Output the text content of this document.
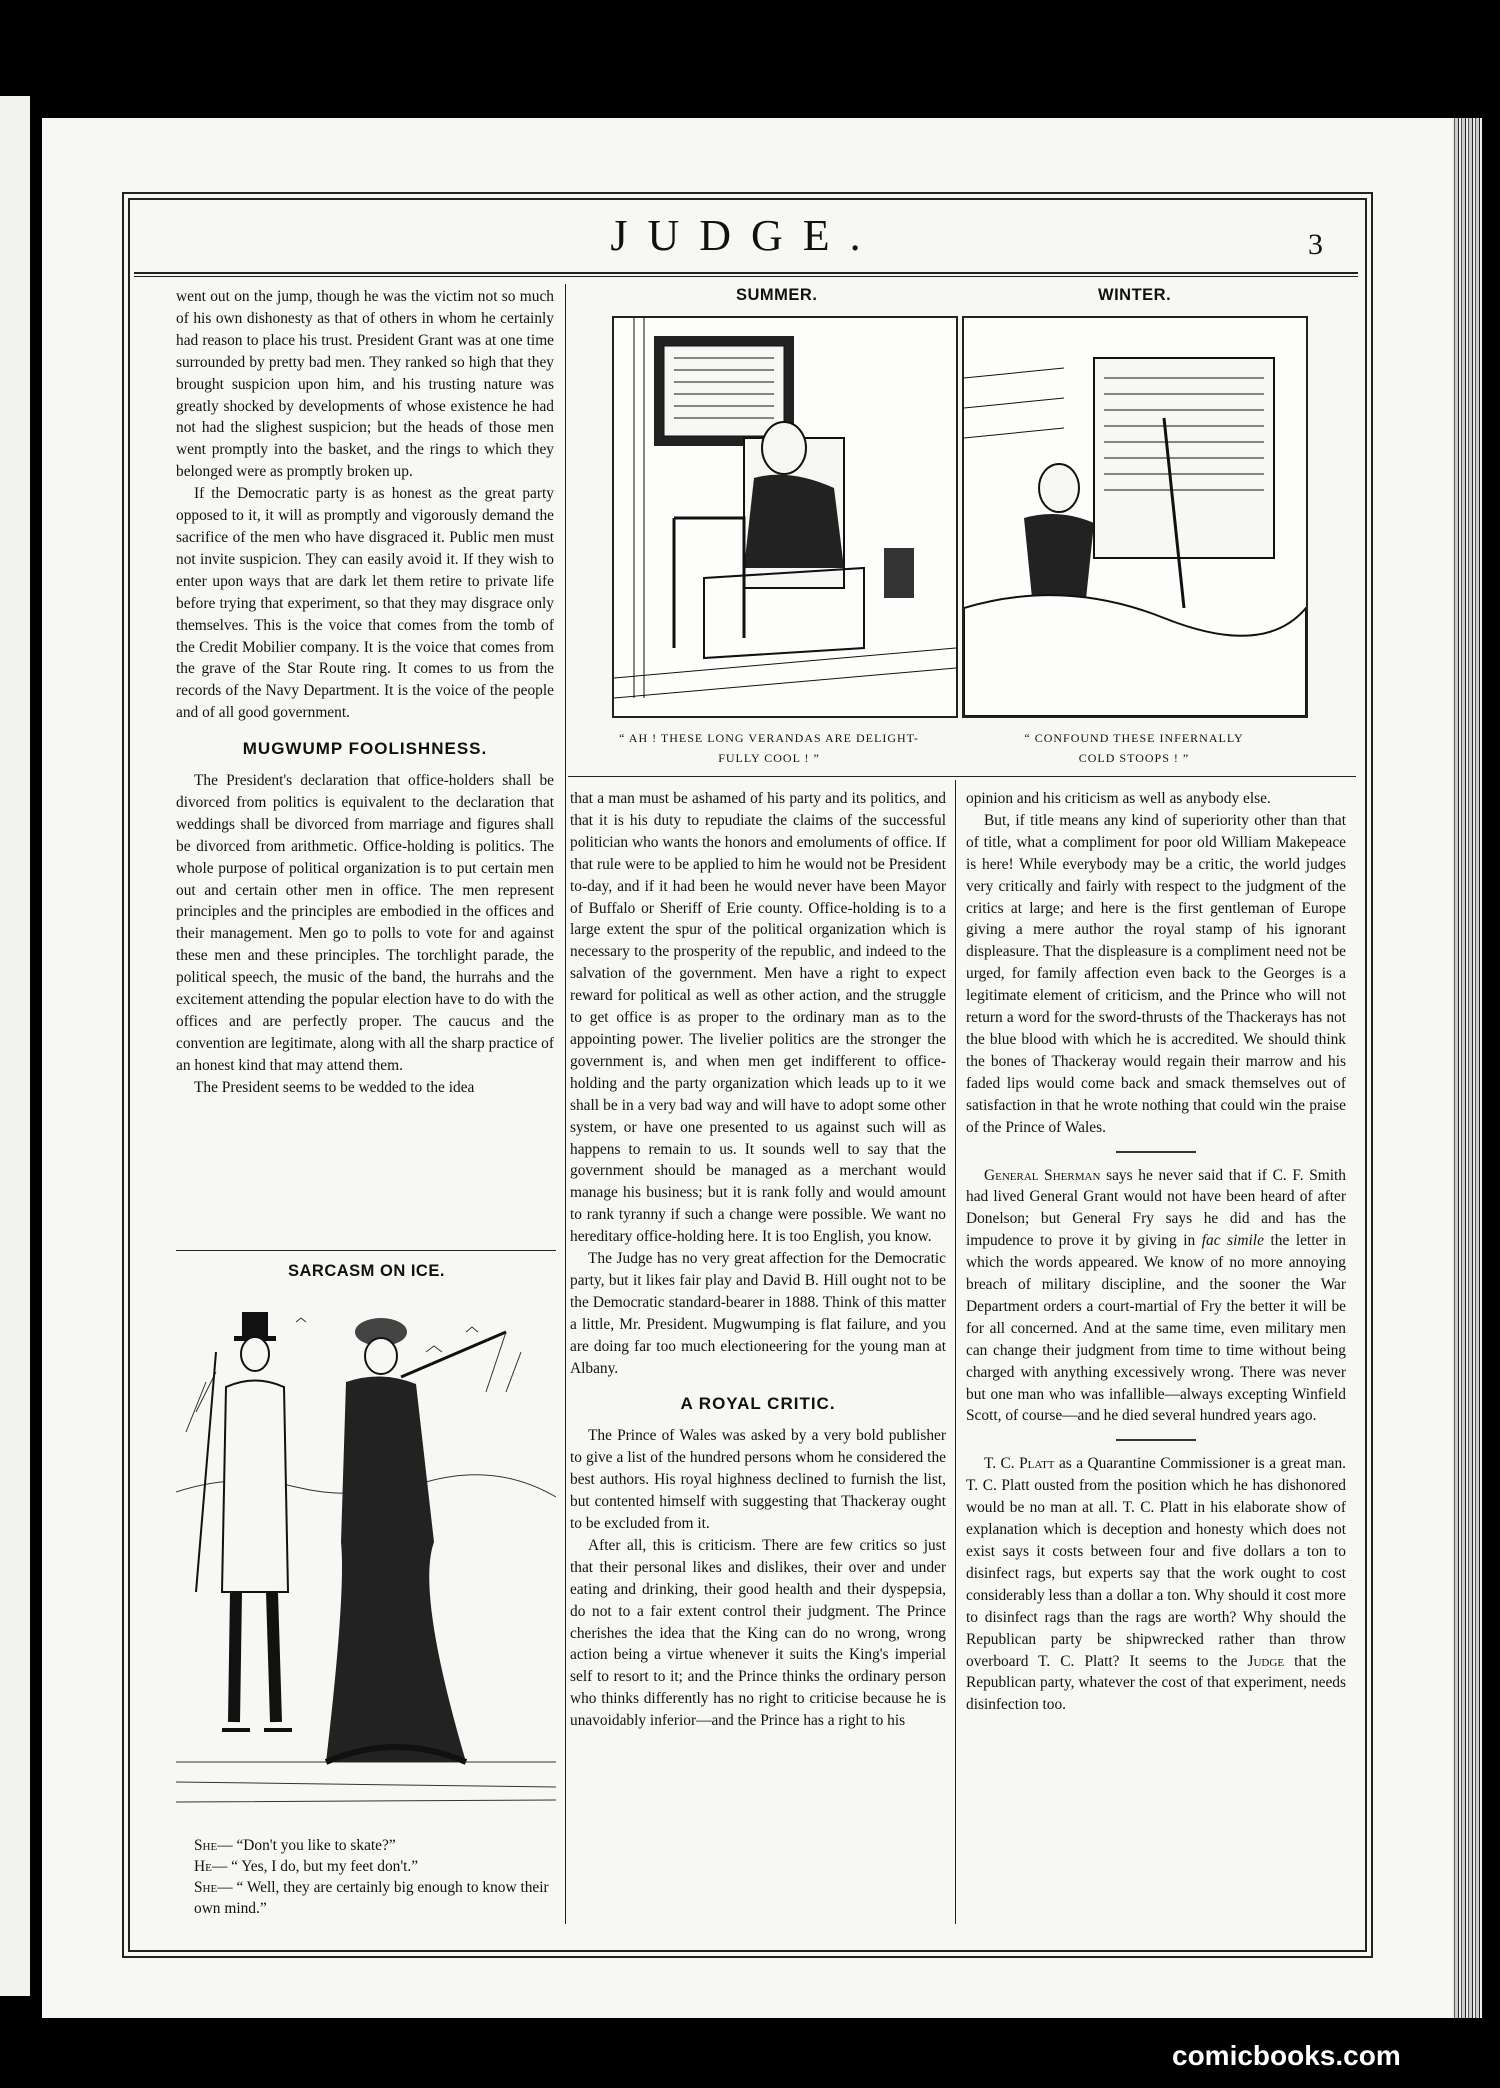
JUDGE.	3

went out on the jump, though he was the victim not so much of his own dishonesty as that of others in whom he certainly had reason to place his trust. President Grant was at one time surrounded by pretty bad men. They ranked so high that they brought suspicion upon him, and his trusting nature was greatly shocked by developments of whose existence he had not had the slighest suspicion; but the heads of those men went promptly into the basket, and the rings to which they belonged were as promptly broken up.

If the Democratic party is as honest as the great party opposed to it, it will as promptly and vigorously demand the sacrifice of the men who have disgraced it. Public men must not invite suspicion. They can easily avoid it. If they wish to enter upon ways that are dark let them retire to private life before trying that experiment, so that they may disgrace only themselves. This is the voice that comes from the tomb of the Credit Mobilier company. It is the voice that comes from the grave of the Star Route ring. It comes to us from the records of the Navy Department. It is the voice of the people and of all good government.

MUGWUMP FOOLISHNESS.

The President's declaration that office-holders shall be divorced from politics is equivalent to the declaration that weddings shall be divorced from marriage and figures shall be divorced from arithmetic. Office-holding is politics. The whole purpose of political organization is to put certain men out and certain other men in office. The men represent principles and the principles are embodied in the offices and their management. Men go to polls to vote for and against these men and these principles. The torchlight parade, the political speech, the music of the band, the hurrahs and the excitement attending the popular election have to do with the offices and are perfectly proper. The caucus and the convention are legitimate, along with all the sharp practice of an honest kind that may attend them.

The President seems to be wedded to the idea

SARCASM ON ICE.
She— “Don't you like to skate?”
He— “ Yes, I do, but my feet don't.”
She— “ Well, they are certainly big enough to know their own mind.”
SUMMER.	WINTER.
“ AH ! THESE LONG VERANDAS ARE DELIGHT-
FULLY COOL ! ”
“ CONFOUND THESE INFERNALLY
COLD STOOPS ! ”

that a man must be ashamed of his party and its politics, and that it is his duty to repudiate the claims of the successful politician who wants the honors and emoluments of office. If that rule were to be applied to him he would not be President to-day, and if it had been he would never have been Mayor of Buffalo or Sheriff of Erie county. Office-holding is to a large extent the spur of the political organization which is necessary to the prosperity of the republic, and indeed to the salvation of the government. Men have a right to expect reward for political as well as other action, and the struggle to get office is as proper to the ordinary man as to the appointing power. The livelier politics are the stronger the government is, and when men get indifferent to office-holding and the party organization which leads up to it we shall be in a very bad way and will have to adopt some other system, or have one presented to us against such will as happens to remain to us. It sounds well to say that the government should be managed as a merchant would manage his business; but it is rank folly and would amount to rank tyranny if such a change were possible. We want no hereditary office-holding here. It is too English, you know.

The Judge has no very great affection for the Democratic party, but it likes fair play and David B. Hill ought not to be the Democratic standard-bearer in 1888. Think of this matter a little, Mr. President. Mugwumping is flat failure, and you are doing far too much electioneering for the young man at Albany.

A ROYAL CRITIC.

The Prince of Wales was asked by a very bold publisher to give a list of the hundred persons whom he considered the best authors. His royal highness declined to furnish the list, but contented himself with suggesting that Thackeray ought to be excluded from it.

After all, this is criticism. There are few critics so just that their personal likes and dislikes, their over and under eating and drinking, their good health and their dyspepsia, do not to a fair extent control their judgment. The Prince cherishes the idea that the King can do no wrong, wrong action being a virtue whenever it suits the King's imperial self to resort to it; and the Prince thinks the ordinary person who thinks differently has no right to criticise because he is unavoidably inferior—and the Prince has a right to his

opinion and his criticism as well as anybody else.

But, if title means any kind of superiority other than that of title, what a compliment for poor old William Makepeace is here! While everybody may be a critic, the world judges very critically and fairly with respect to the judgment of the critics at large; and here is the first gentleman of Europe giving a mere author the royal stamp of his ignorant displeasure. That the displeasure is a compliment need not be urged, for family affection even back to the Georges is a legitimate element of criticism, and the Prince who will not return a word for the sword-thrusts of the Thackerays has not the blue blood with which he is accredited. We should think the bones of Thackeray would regain their marrow and his faded lips would come back and smack themselves out of satisfaction in that he wrote nothing that could win the praise of the Prince of Wales.

General Sherman says he never said that if C. F. Smith had lived General Grant would not have been heard of after Donelson; but General Fry says he did and has the impudence to prove it by giving in fac simile the letter in which the words appeared. We know of no more annoying breach of military discipline, and the sooner the War Department orders a court-martial of Fry the better it will be for all concerned. And at the same time, even military men can change their judgment from time to time without being charged with anything excessively wrong. There was never but one man who was infallible—always excepting Winfield Scott, of course—and he died several hundred years ago.

T. C. Platt as a Quarantine Commissioner is a great man. T. C. Platt ousted from the position which he has dishonored would be no man at all. T. C. Platt in his elaborate show of explanation which is deception and honesty which does not exist says it costs between four and five dollars a ton to disinfect rags, but experts say that the work ought to cost considerably less than a dollar a ton. Why should it cost more to disinfect rags than the rags are worth? Why should the Republican party be shipwrecked rather than throw overboard T. C. Platt? It seems to the Judge that the Republican party, whatever the cost of that experiment, needs disinfection too.

comicbooks.com
